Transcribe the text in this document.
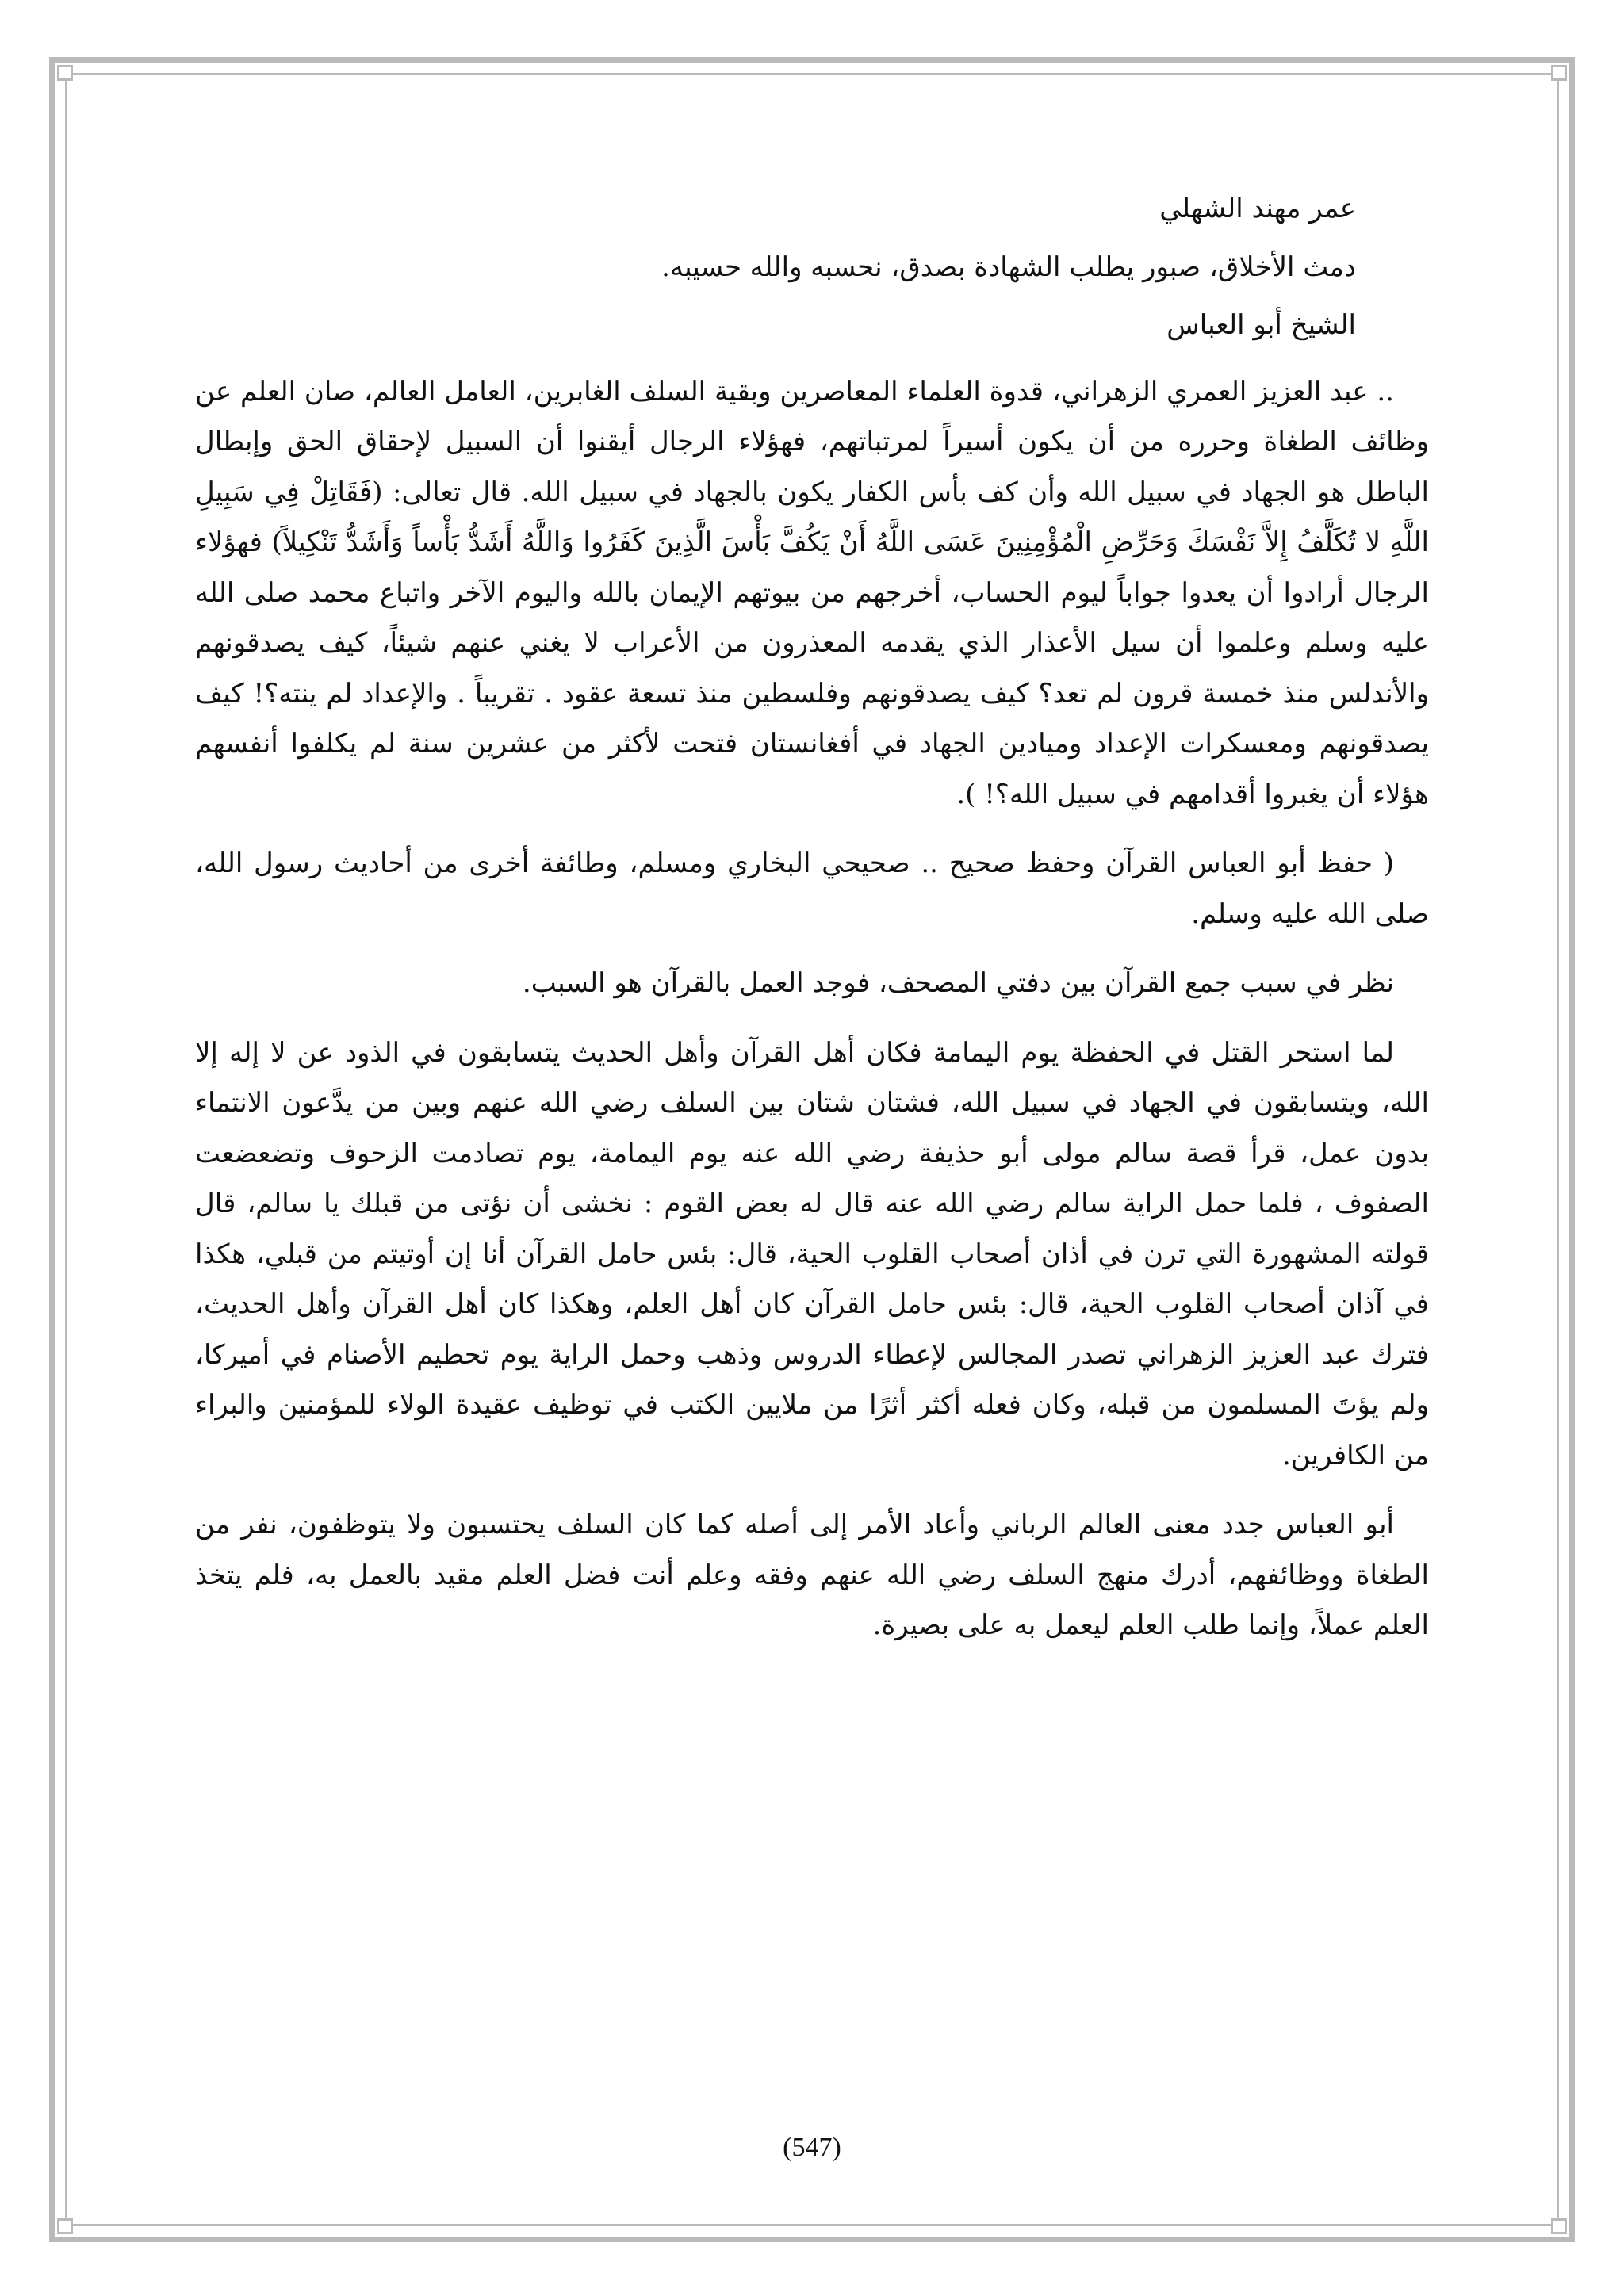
عمر مهند الشهلي

دمث الأخلاق، صبور يطلب الشهادة بصدق، نحسبه والله حسيبه.

الشيخ أبو العباس

.. عبد العزيز العمري الزهراني، قدوة العلماء المعاصرين وبقية السلف الغابرين، العامل العالم، صان العلم عن وظائف الطغاة وحرره من أن يكون أسيراً لمرتباتهم، فهؤلاء الرجال أيقنوا أن السبيل لإحقاق الحق وإبطال الباطل هو الجهاد في سبيل الله وأن كف بأس الكفار يكون بالجهاد في سبيل الله. قال تعالى: (فَقَاتِلْ فِي سَبِيلِ اللَّهِ لا تُكَلَّفُ إِلاَّ نَفْسَكَ وَحَرِّضِ الْمُؤْمِنِينَ عَسَى اللَّهُ أَنْ يَكُفَّ بَأْسَ الَّذِينَ كَفَرُوا وَاللَّهُ أَشَدُّ بَأْساً وَأَشَدُّ تَنْكِيلاً) فهؤلاء الرجال أرادوا أن يعدوا جواباً ليوم الحساب، أخرجهم من بيوتهم الإيمان بالله واليوم الآخر واتباع محمد صلى الله عليه وسلم وعلموا أن سيل الأعذار الذي يقدمه المعذرون من الأعراب لا يغني عنهم شيئاً، كيف يصدقونهم والأندلس منذ خمسة قرون لم تعد؟ كيف يصدقونهم وفلسطين منذ تسعة عقود . تقريباً . والإعداد لم ينته؟! كيف يصدقونهم ومعسكرات الإعداد وميادين الجهاد في أفغانستان فتحت لأكثر من عشرين سنة لم يكلفوا أنفسهم هؤلاء أن يغبروا أقدامهم في سبيل الله؟! ).

( حفظ أبو العباس القرآن وحفظ صحيح .. صحيحي البخاري ومسلم، وطائفة أخرى من أحاديث رسول الله، صلى الله عليه وسلم.

نظر في سبب جمع القرآن بين دفتي المصحف، فوجد العمل بالقرآن هو السبب.

لما استحر القتل في الحفظة يوم اليمامة فكان أهل القرآن وأهل الحديث يتسابقون في الذود عن لا إله إلا الله، ويتسابقون في الجهاد في سبيل الله، فشتان شتان بين السلف رضي الله عنهم وبين من يدَّعون الانتماء بدون عمل، قرأ قصة سالم مولى أبو حذيفة رضي الله عنه يوم اليمامة، يوم تصادمت الزحوف وتضعضعت الصفوف ، فلما حمل الراية سالم رضي الله عنه قال له بعض القوم : نخشى أن نؤتى من قبلك يا سالم، قال قولته المشهورة التي ترن في أذان أصحاب القلوب الحية، قال: بئس حامل القرآن أنا إن أوتيتم من قبلي، هكذا في آذان أصحاب القلوب الحية، قال: بئس حامل القرآن كان أهل العلم، وهكذا كان أهل القرآن وأهل الحديث، فترك عبد العزيز الزهراني تصدر المجالس لإعطاء الدروس وذهب وحمل الراية يوم تحطيم الأصنام في أميركا، ولم يؤتَ المسلمون من قبله، وكان فعله أكثر أثرًا من ملايين الكتب في توظيف عقيدة الولاء للمؤمنين والبراء من الكافرين.

أبو العباس جدد معنى العالم الرباني وأعاد الأمر إلى أصله كما كان السلف يحتسبون ولا يتوظفون، نفر من الطغاة ووظائفهم، أدرك منهج السلف رضي الله عنهم وفقه وعلم أنت فضل العلم مقيد بالعمل به، فلم يتخذ العلم عملاً، وإنما طلب العلم ليعمل به على بصيرة.

(547)
